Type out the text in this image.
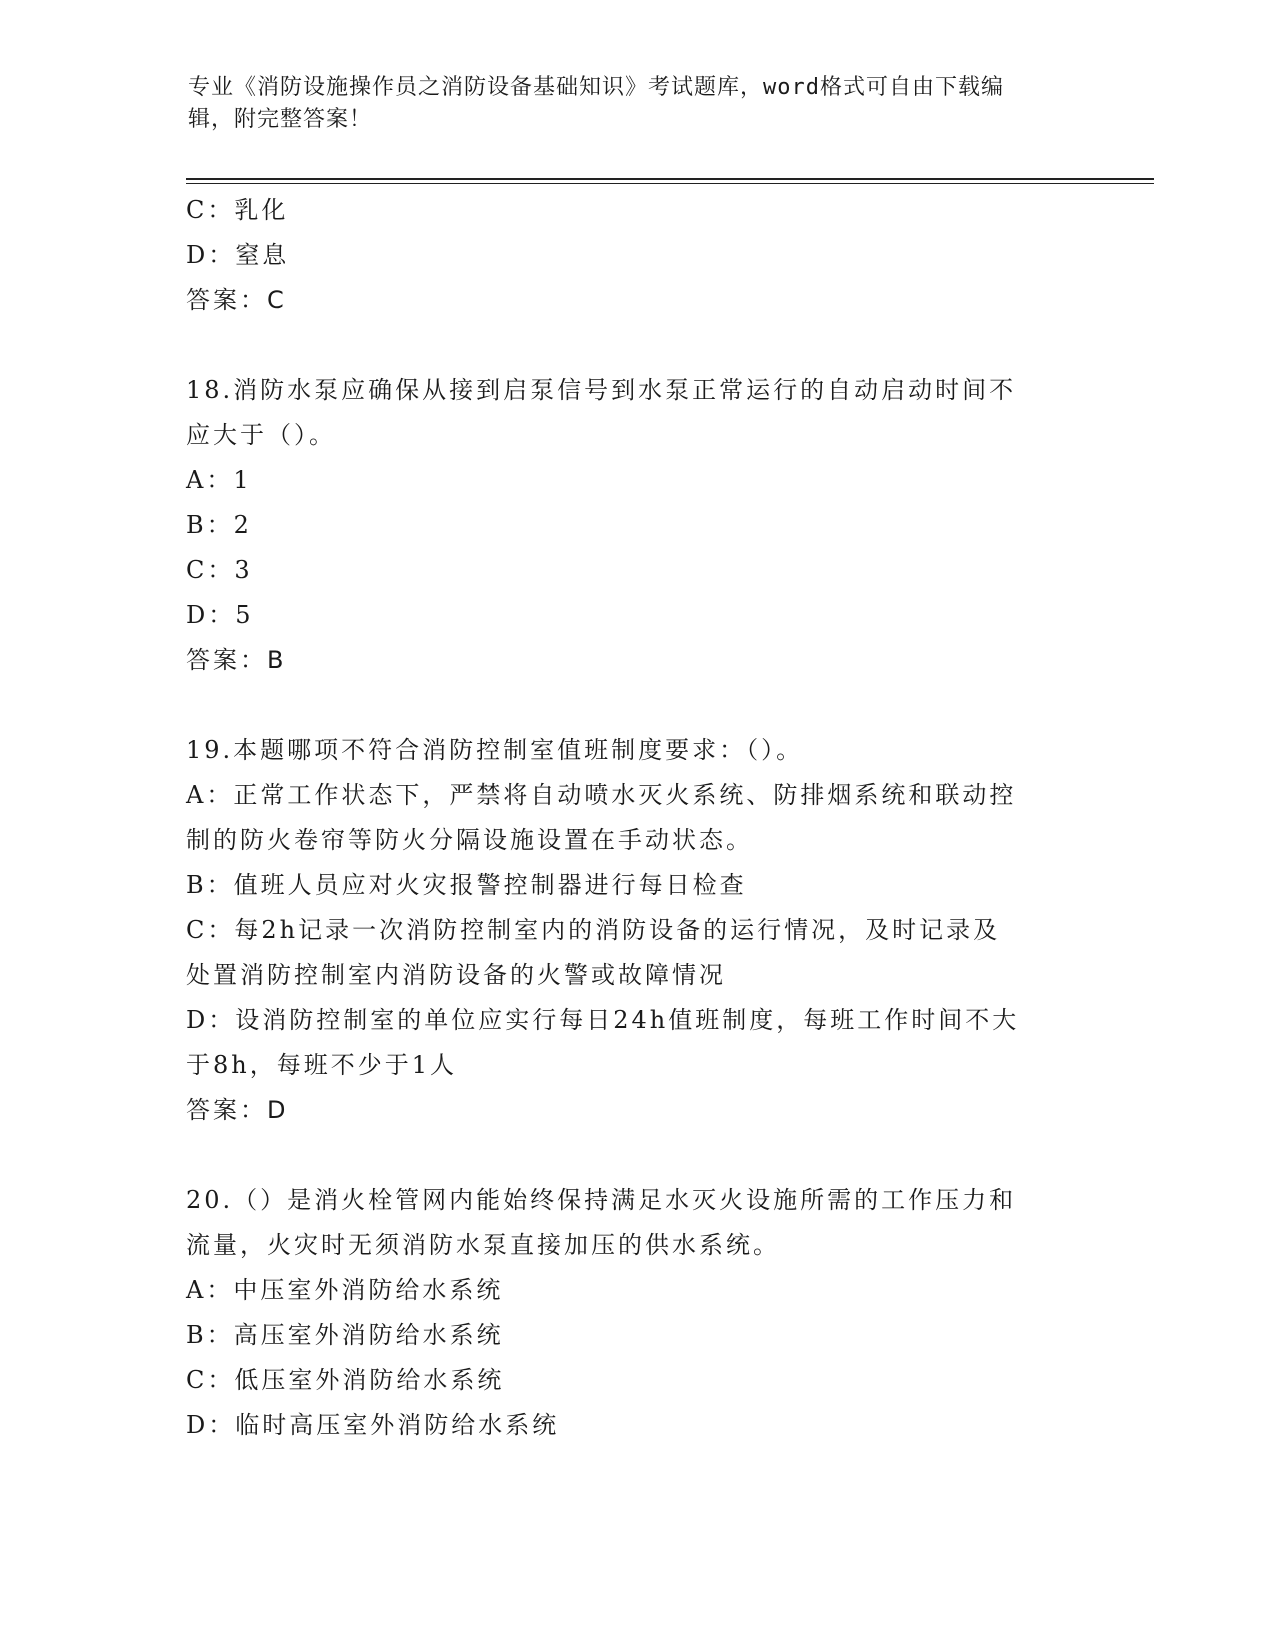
专业《消防设施操作员之消防设备基础知识》考试题库，word格式可自由下载编
辑，附完整答案！
C：乳化
D：窒息
答案：C
18.消防水泵应确保从接到启泵信号到水泵正常运行的自动启动时间不
应大于（）。
A：1
B：2
C：3
D：5
答案：B
19.本题哪项不符合消防控制室值班制度要求：（）。
A：正常工作状态下，严禁将自动喷水灭火系统、防排烟系统和联动控
制的防火卷帘等防火分隔设施设置在手动状态。
B：值班人员应对火灾报警控制器进行每日检查
C：每2h记录一次消防控制室内的消防设备的运行情况，及时记录及
处置消防控制室内消防设备的火警或故障情况
D：设消防控制室的单位应实行每日24h值班制度，每班工作时间不大
于8h，每班不少于1人
答案：D
20.（）是消火栓管网内能始终保持满足水灭火设施所需的工作压力和
流量，火灾时无须消防水泵直接加压的供水系统。
A：中压室外消防给水系统
B：高压室外消防给水系统
C：低压室外消防给水系统
D：临时高压室外消防给水系统
